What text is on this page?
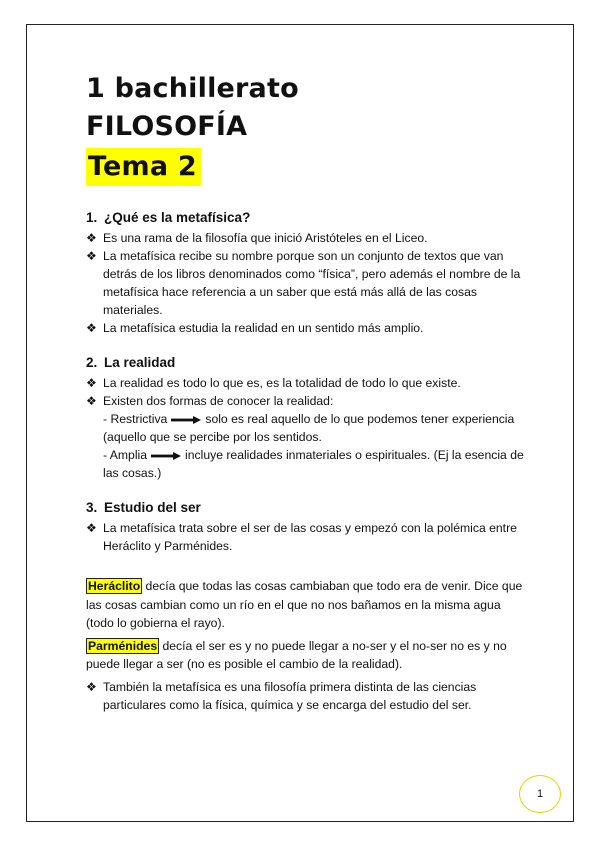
1 bachillerato
FILOSOFÍA
Tema 2
1. ¿Qué es la metafísica?
❖ Es una rama de la filosofía que inició Aristóteles en el Liceo.
❖ La metafísica recibe su nombre porque son un conjunto de textos que van detrás de los libros denominados como “física”, pero además el nombre de la metafísica hace referencia a un saber que está más allá de las cosas materiales.
❖ La metafísica estudia la realidad en un sentido más amplio.
2. La realidad
❖ La realidad es todo lo que es, es la totalidad de todo lo que existe.
❖ Existen dos formas de conocer la realidad:
- Restrictiva	solo es real aquello de lo que podemos tener experiencia (aquello que se percibe por los sentidos.
- Amplia	incluye realidades inmateriales o espirituales. (Ej la esencia de las cosas.)
3. Estudio del ser
❖ La metafísica trata sobre el ser de las cosas y empezó con la polémica entre Heráclito y Parménides.

Heráclito decía que todas las cosas cambiaban que todo era de venir. Dice que las cosas cambian como un río en el que no nos bañamos en la misma agua (todo lo gobierna el rayo).

Parménides decía el ser es y no puede llegar a no-ser y el no-ser no es y no puede llegar a ser (no es posible el cambio de la realidad).

❖ También la metafísica es una filosofía primera distinta de las ciencias particulares como la física, química y se encarga del estudio del ser.
1
